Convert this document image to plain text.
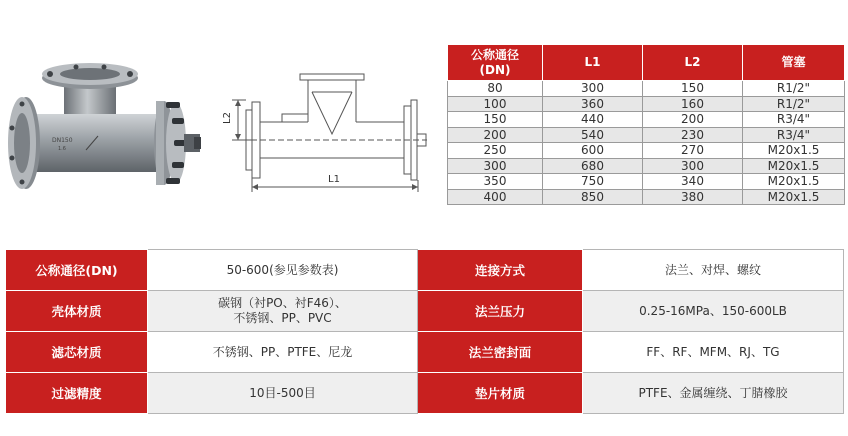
DN150
1.6
L1
L2
公称通径
(DN)	L1	L2	管塞
80	300	150	R1/2"
100	360	160	R1/2"
150	440	200	R3/4"
200	540	230	R3/4"
250	600	270	M20x1.5
300	680	300	M20x1.5
350	750	340	M20x1.5
400	850	380	M20x1.5
公称通径(DN)	50-600(参见参数表)	连接方式	法兰、对焊、螺纹
壳体材质	碳钢（衬PO、衬F46）、
不锈钢、PP、PVC	法兰压力	0.25-16MPa、150-600LB
滤芯材质	不锈钢、PP、PTFE、尼龙	法兰密封面	FF、RF、MFM、RJ、TG
过滤精度	10目-500目	垫片材质	PTFE、金属缠绕、丁腈橡胶
